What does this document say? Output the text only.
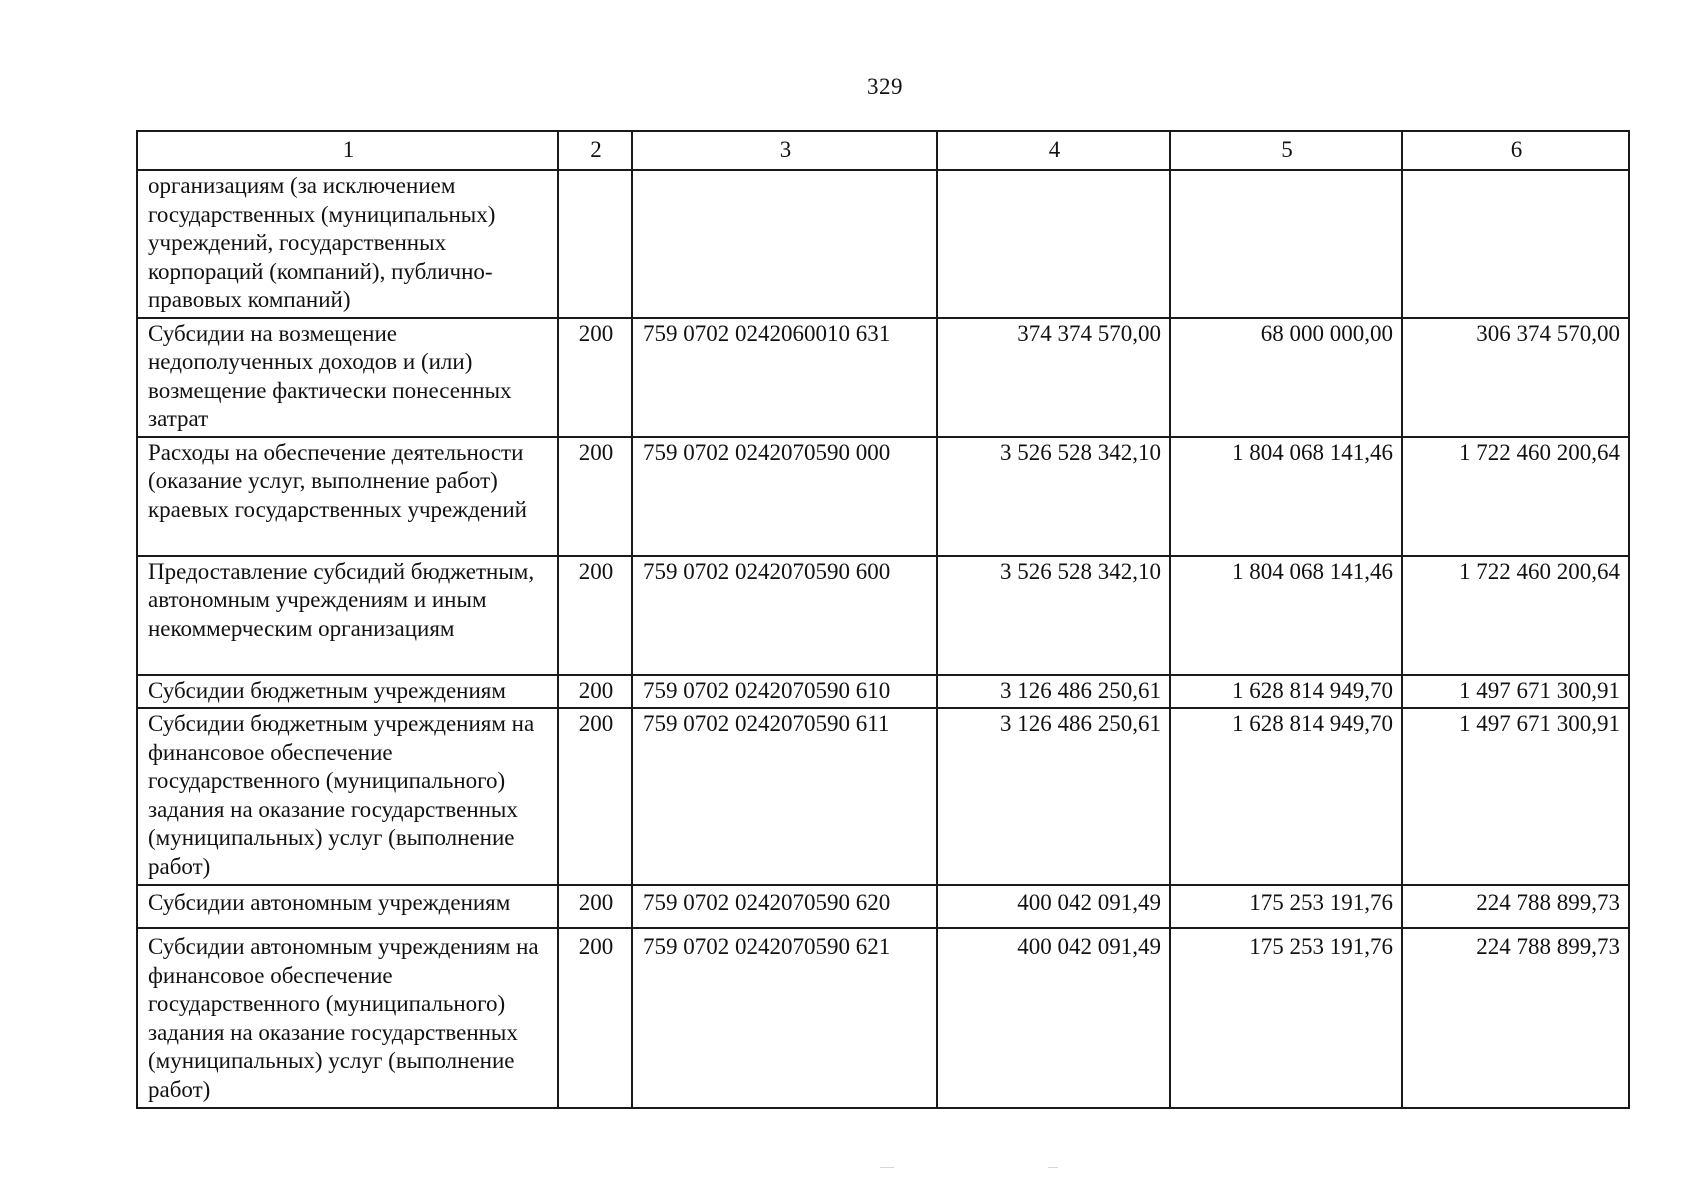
329
1	2	3	4	5	6
организациям (за исключением государственных (муниципальных) учреждений, государственных корпораций (компаний), публично-правовых компаний)					
Субсидии на возмещение недополученных доходов и (или) возмещение фактически понесенных затрат	200	759 0702 0242060010 631	374 374 570,00	68 000 000,00	306 374 570,00
Расходы на обеспечение деятельности (оказание услуг, выполнение работ) краевых государственных учреждений	200	759 0702 0242070590 000	3 526 528 342,10	1 804 068 141,46	1 722 460 200,64
Предоставление субсидий бюджетным, автономным учреждениям и иным некоммерческим организациям	200	759 0702 0242070590 600	3 526 528 342,10	1 804 068 141,46	1 722 460 200,64
Субсидии бюджетным учреждениям	200	759 0702 0242070590 610	3 126 486 250,61	1 628 814 949,70	1 497 671 300,91
Субсидии бюджетным учреждениям на финансовое обеспечение государственного (муниципального) задания на оказание государственных (муниципальных) услуг (выполнение работ)	200	759 0702 0242070590 611	3 126 486 250,61	1 628 814 949,70	1 497 671 300,91
Субсидии автономным учреждениям	200	759 0702 0242070590 620	400 042 091,49	175 253 191,76	224 788 899,73
Субсидии автономным учреждениям на финансовое обеспечение государственного (муниципального) задания на оказание государственных (муниципальных) услуг (выполнение работ)	200	759 0702 0242070590 621	400 042 091,49	175 253 191,76	224 788 899,73
